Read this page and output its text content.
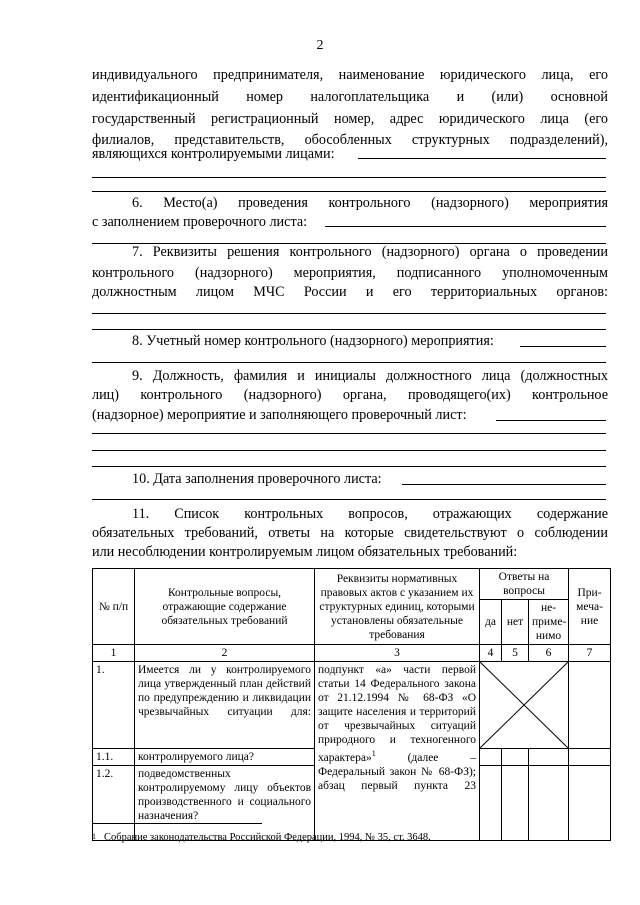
2
индивидуального предпринимателя, наименование юридического лица, его
идентификационный номер налогоплательщика и (или) основной
государственный регистрационный номер, адрес юридического лица (его
филиалов, представительств, обособленных структурных подразделений),
являющихся контролируемыми лицами:
6. Место(а) проведения контрольного (надзорного) мероприятия
с заполнением проверочного листа:
7. Реквизиты решения контрольного (надзорного) органа о проведении
контрольного (надзорного) мероприятия, подписанного уполномоченным
должностным лицом МЧС России и его территориальных органов:
8. Учетный номер контрольного (надзорного) мероприятия:
9. Должность, фамилия и инициалы должностного лица (должностных
лиц) контрольного (надзорного) органа, проводящего(их) контрольное
(надзорное) мероприятие и заполняющего проверочный лист:
10. Дата заполнения проверочного листа:
11. Список контрольных вопросов, отражающих содержание
обязательных требований, ответы на которые свидетельствуют о соблюдении
или несоблюдении контролируемым лицом обязательных требований:
№ п/п	Контрольные вопросы, отражающие содержание обязательных требований	Реквизиты нормативных правовых актов с указанием их структурных единиц, которыми установлены обязательные требования	Ответы на вопросы			При-меча-ние
			да	нет	не-приме-нимо	
1	2	3	4	5	6	7
1.	Имеется ли у контролируемого лица утвержденный план действий по предупреждению и ликвидации чрезвычайных ситуации для:	подпункт «а» части первой статьи 14 Федерального закона от 21.12.1994 № 68-ФЗ «О защите населения и территорий от чрезвычайных ситуаций природного и техногенного характера»$^1$ (далее – Федеральный закон № 68-ФЗ); абзац первый пункта 23	

1.1.	контролируемого лица?					
1.2.	подведомственных контролируемому лицу объектов производственного и социального назначения?					
$^1$ Собрание законодательства Российской Федерации, 1994, № 35, ст. 3648.
